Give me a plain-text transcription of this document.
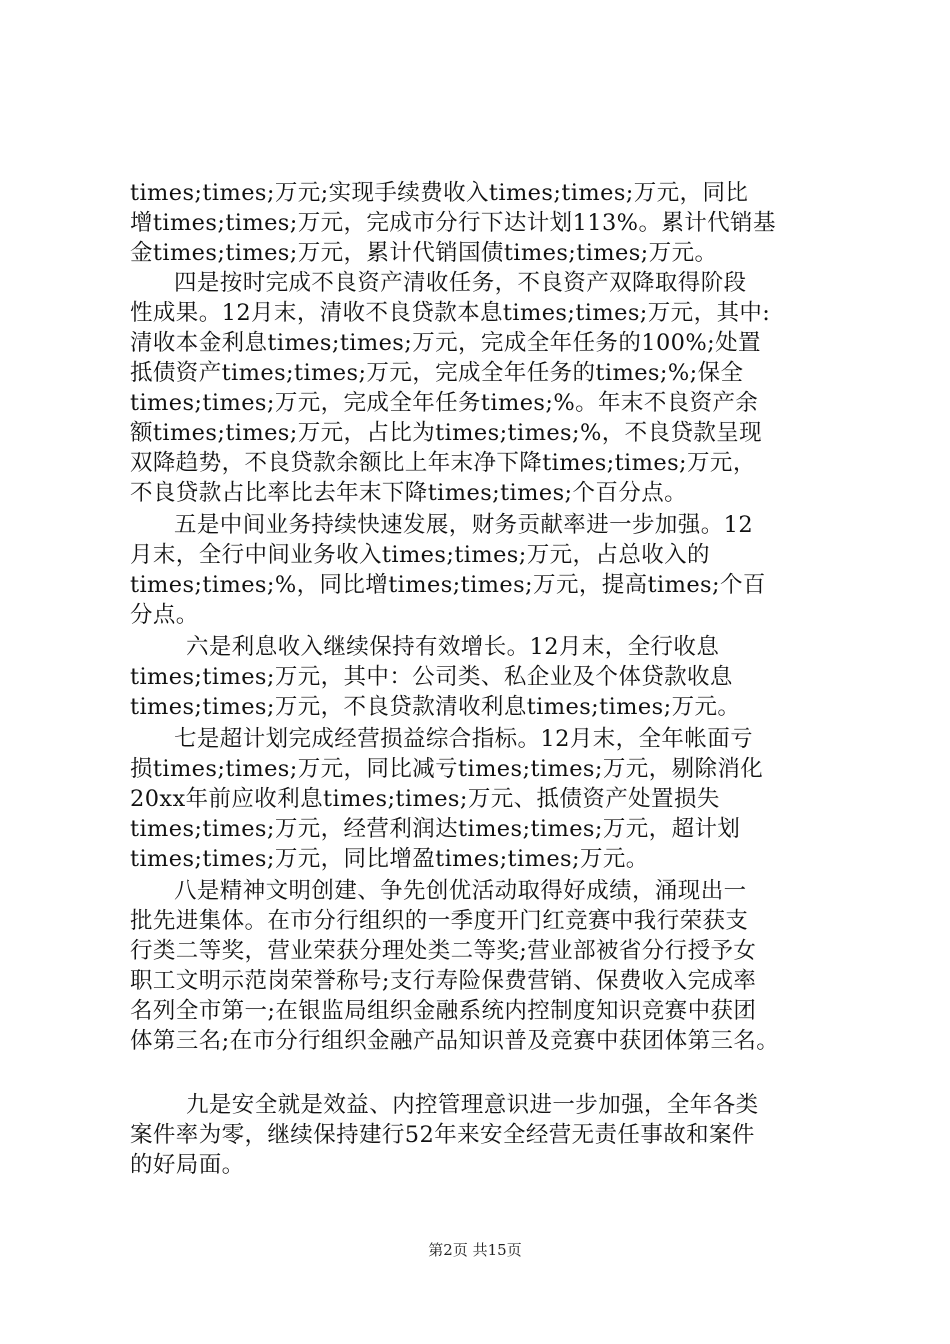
times;times;万元;实现手续费收入times;times;万元，同比
增times;times;万元，完成市分行下达计划113%。累计代销基
金times;times;万元，累计代销国债times;times;万元。
四是按时完成不良资产清收任务，不良资产双降取得阶段
性成果。12月末，清收不良贷款本息times;times;万元，其中:
清收本金利息times;times;万元，完成全年任务的100%;处置
抵债资产times;times;万元，完成全年任务的times;%;保全
times;times;万元，完成全年任务times;%。年末不良资产余
额times;times;万元，占比为times;times;%，不良贷款呈现
双降趋势，不良贷款余额比上年末净下降times;times;万元，
不良贷款占比率比去年末下降times;times;个百分点。
五是中间业务持续快速发展，财务贡献率进一步加强。12
月末，全行中间业务收入times;times;万元，占总收入的
times;times;%，同比增times;times;万元，提高times;个百
分点。
六是利息收入继续保持有效增长。12月末，全行收息
times;times;万元，其中：公司类、私企业及个体贷款收息
times;times;万元，不良贷款清收利息times;times;万元。
七是超计划完成经营损益综合指标。12月末，全年帐面亏
损times;times;万元，同比减亏times;times;万元，剔除消化
20xx年前应收利息times;times;万元、抵债资产处置损失
times;times;万元，经营利润达times;times;万元，超计划
times;times;万元，同比增盈times;times;万元。
八是精神文明创建、争先创优活动取得好成绩，涌现出一
批先进集体。在市分行组织的一季度开门红竞赛中我行荣获支
行类二等奖，营业荣获分理处类二等奖;营业部被省分行授予女
职工文明示范岗荣誉称号;支行寿险保费营销、保费收入完成率
名列全市第一;在银监局组织金融系统内控制度知识竞赛中获团
体第三名;在市分行组织金融产品知识普及竞赛中获团体第三名。
九是安全就是效益、内控管理意识进一步加强，全年各类
案件率为零，继续保持建行52年来安全经营无责任事故和案件
的好局面。
第2页 共15页
